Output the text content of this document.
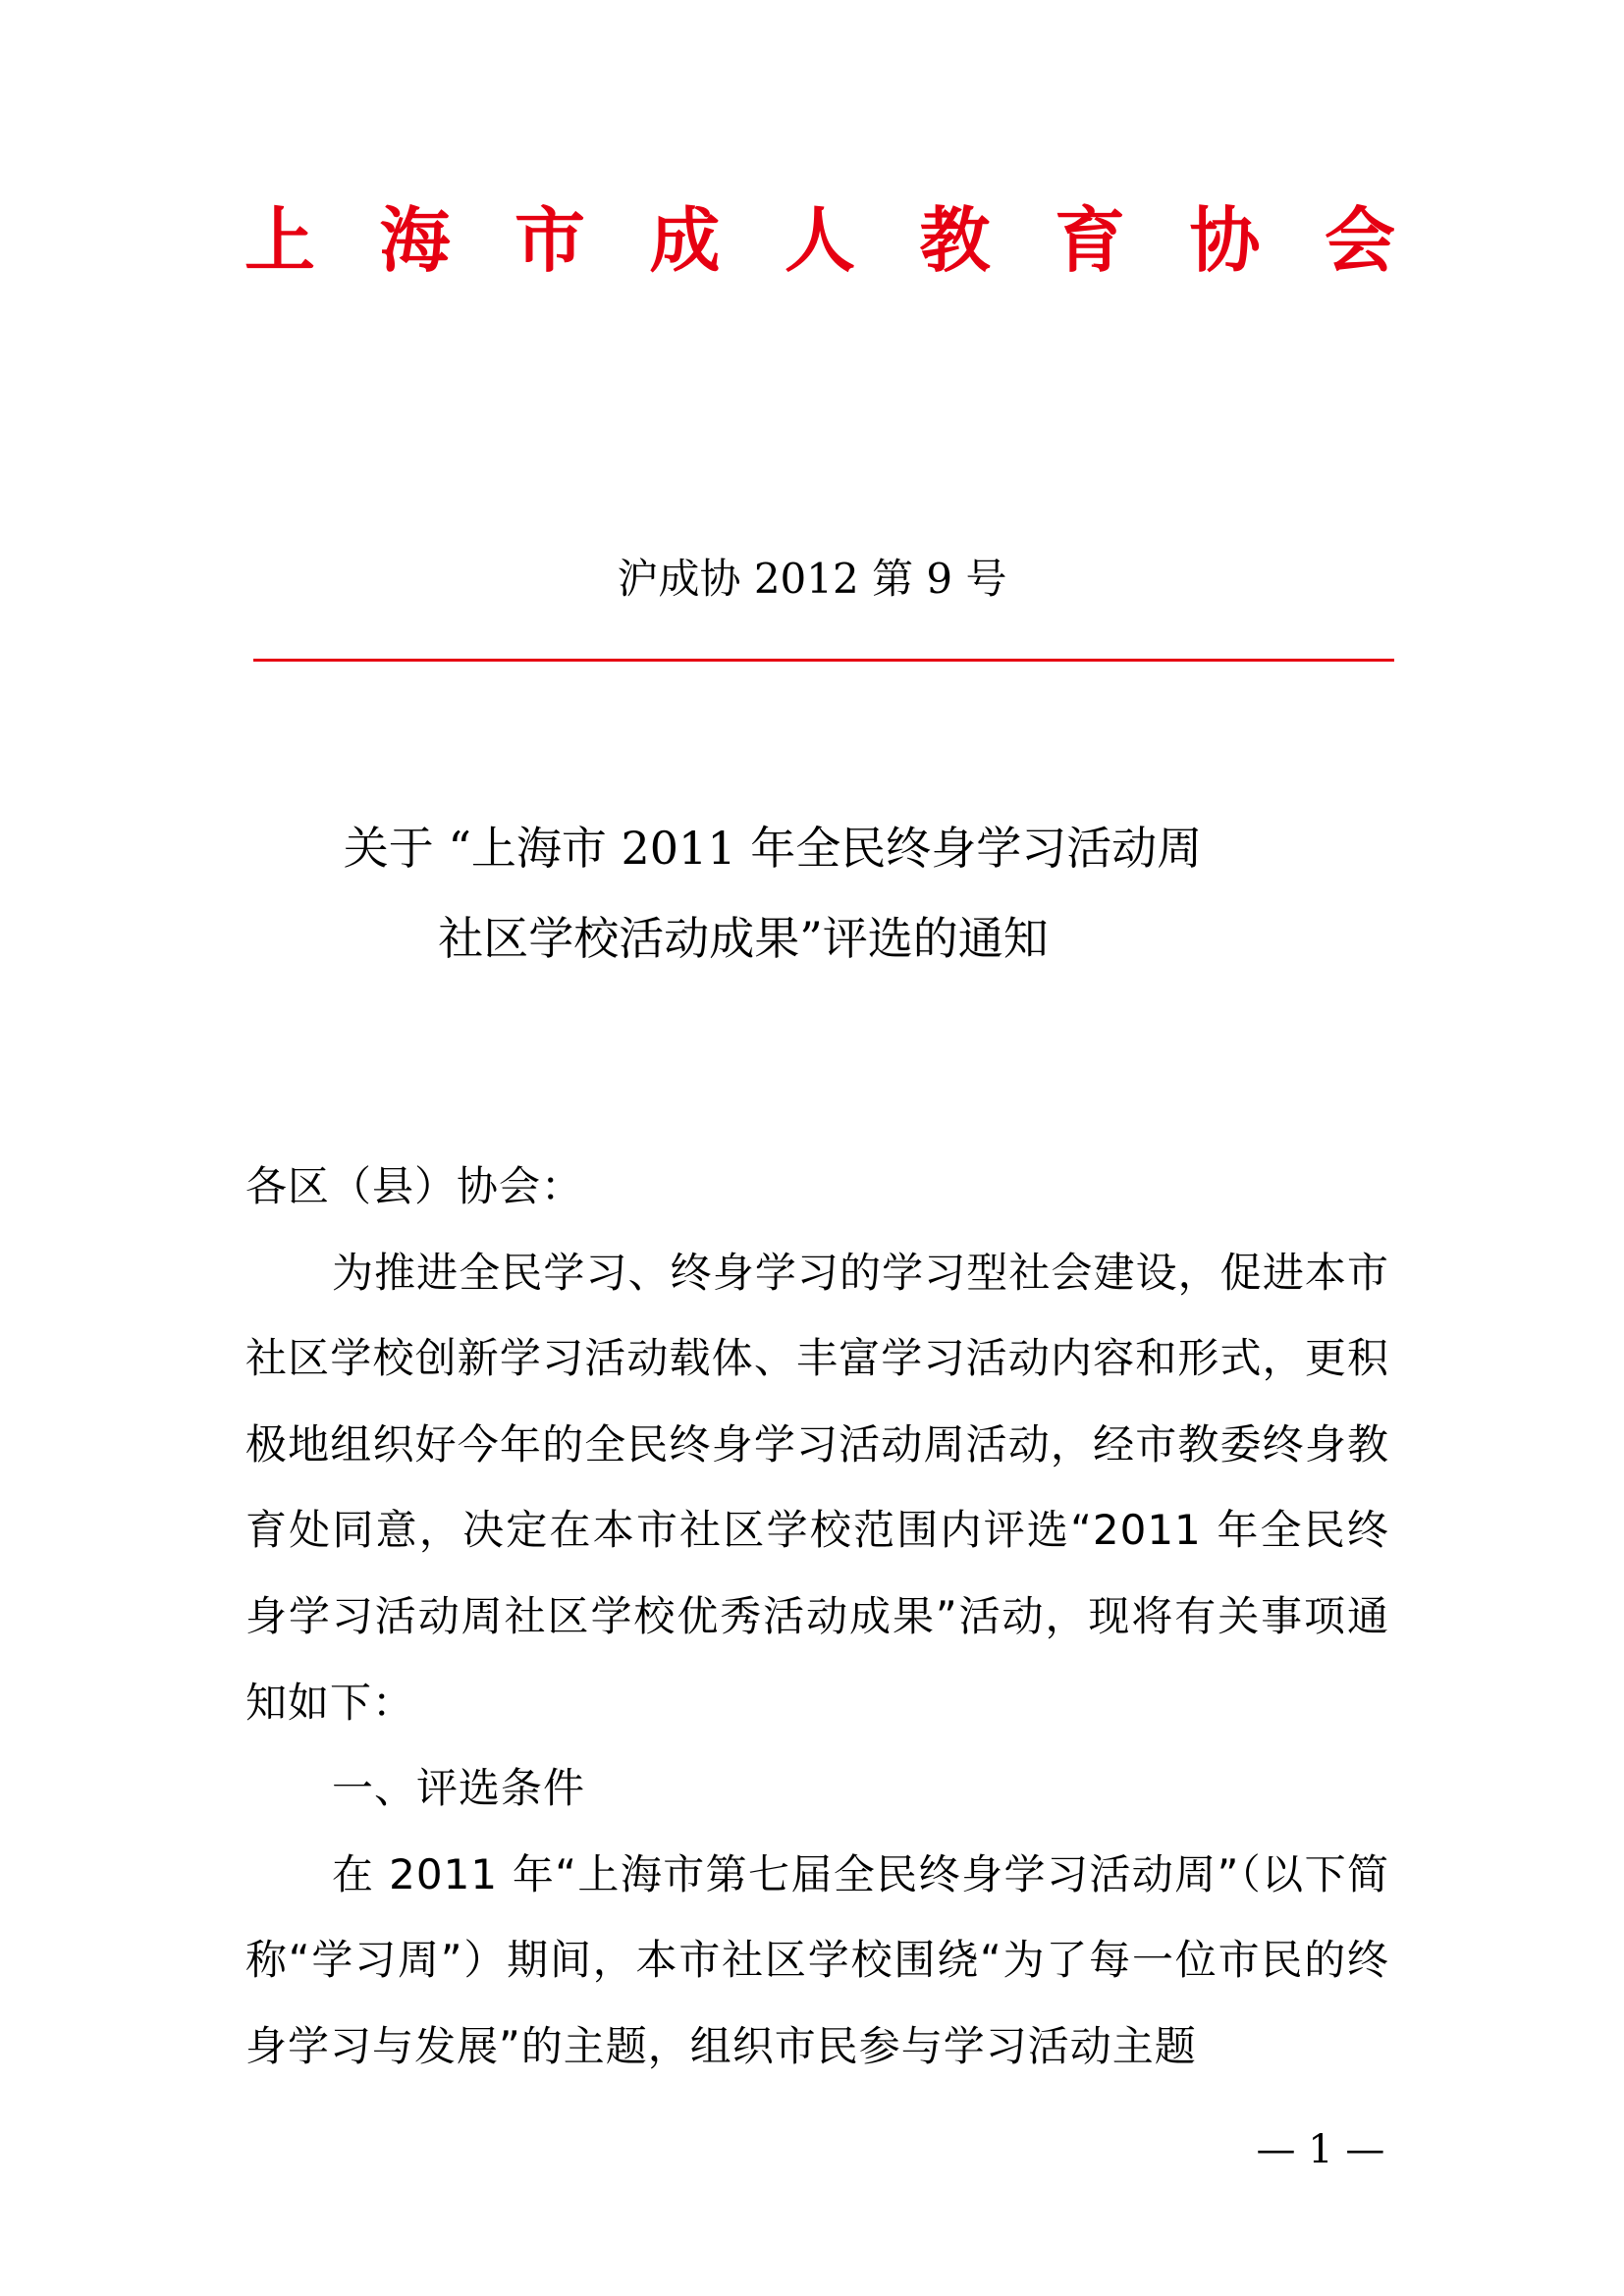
上 海 市 成 人 教 育 协 会
沪成协 2012 第 9 号
关于 “上海市 2011 年全民终身学习活动周
社区学校活动成果”评选的通知

各区（县）协会：

为推进全民学习、终身学习的学习型社会建设，促进本市社区学校创新学习活动载体、丰富学习活动内容和形式，更积极地组织好今年的全民终身学习活动周活动，经市教委终身教育处同意，决定在本市社区学校范围内评选“2011 年全民终身学习活动周社区学校优秀活动成果”活动，现将有关事项通知如下：

一、评选条件

在 2011 年“上海市第七届全民终身学习活动周”（以下简称“学习周”）期间，本市社区学校围绕“为了每一位市民的终身学习与发展”的主题，组织市民参与学习活动主题

— 1 —
